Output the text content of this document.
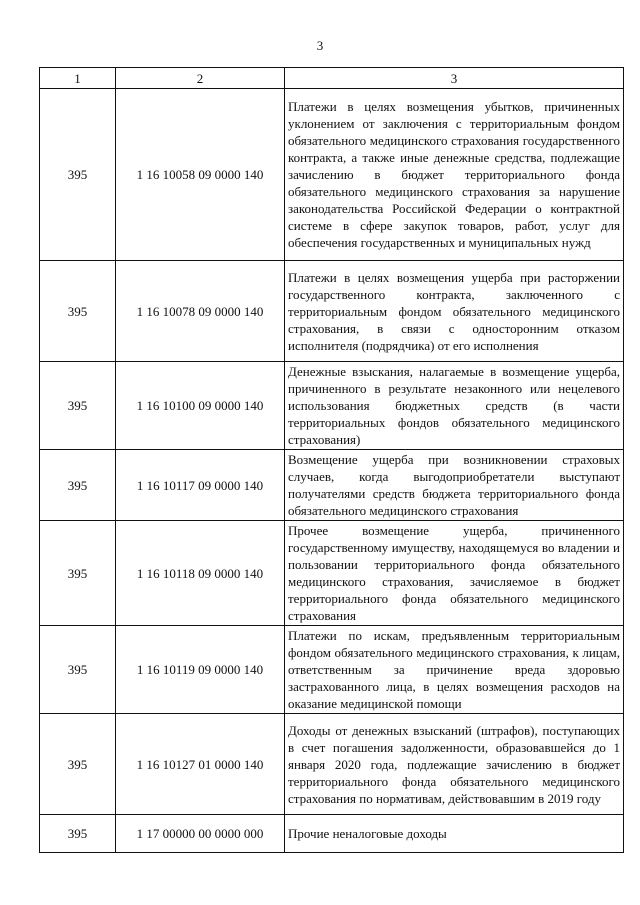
3
1	2	3
395	1 16 10058 09 0000 140	Платежи в целях возмещения убытков, причиненных уклонением от заключения с территориальным фондом обязательного медицинского страхования государственного контракта, а также иные денежные средства, подлежащие зачислению в бюджет территориального фонда обязательного медицинского страхования за нарушение законодательства Российской Федерации о контрактной системе в сфере закупок товаров, работ, услуг для обеспечения государственных и муниципальных нужд
395	1 16 10078 09 0000 140	Платежи в целях возмещения ущерба при расторжении государственного контракта, заключенного с территориальным фондом обязательного медицинского страхования, в связи с односторонним отказом исполнителя (подрядчика) от его исполнения
395	1 16 10100 09 0000 140	Денежные взыскания, налагаемые в возмещение ущерба, причиненного в результате незаконного или нецелевого использования бюджетных средств (в части территориальных фондов обязательного медицинского страхования)
395	1 16 10117 09 0000 140	Возмещение ущерба при возникновении страховых случаев, когда выгодоприобретатели выступают получателями средств бюджета территориального фонда обязательного медицинского страхования
395	1 16 10118 09 0000 140	Прочее возмещение ущерба, причиненного государственному имуществу, находящемуся во владении и пользовании территориального фонда обязательного медицинского страхования, зачисляемое в бюджет территориального фонда обязательного медицинского страхования
395	1 16 10119 09 0000 140	Платежи по искам, предъявленным территориальным фондом обязательного медицинского страхования, к лицам, ответственным за причинение вреда здоровью застрахованного лица, в целях возмещения расходов на оказание медицинской помощи
395	1 16 10127 01 0000 140	Доходы от денежных взысканий (штрафов), поступающих в счет погашения задолженности, образовавшейся до 1 января 2020 года, подлежащие зачислению в бюджет территориального фонда обязательного медицинского страхования по нормативам, действовавшим в 2019 году
395	1 17 00000 00 0000 000	Прочие неналоговые доходы
